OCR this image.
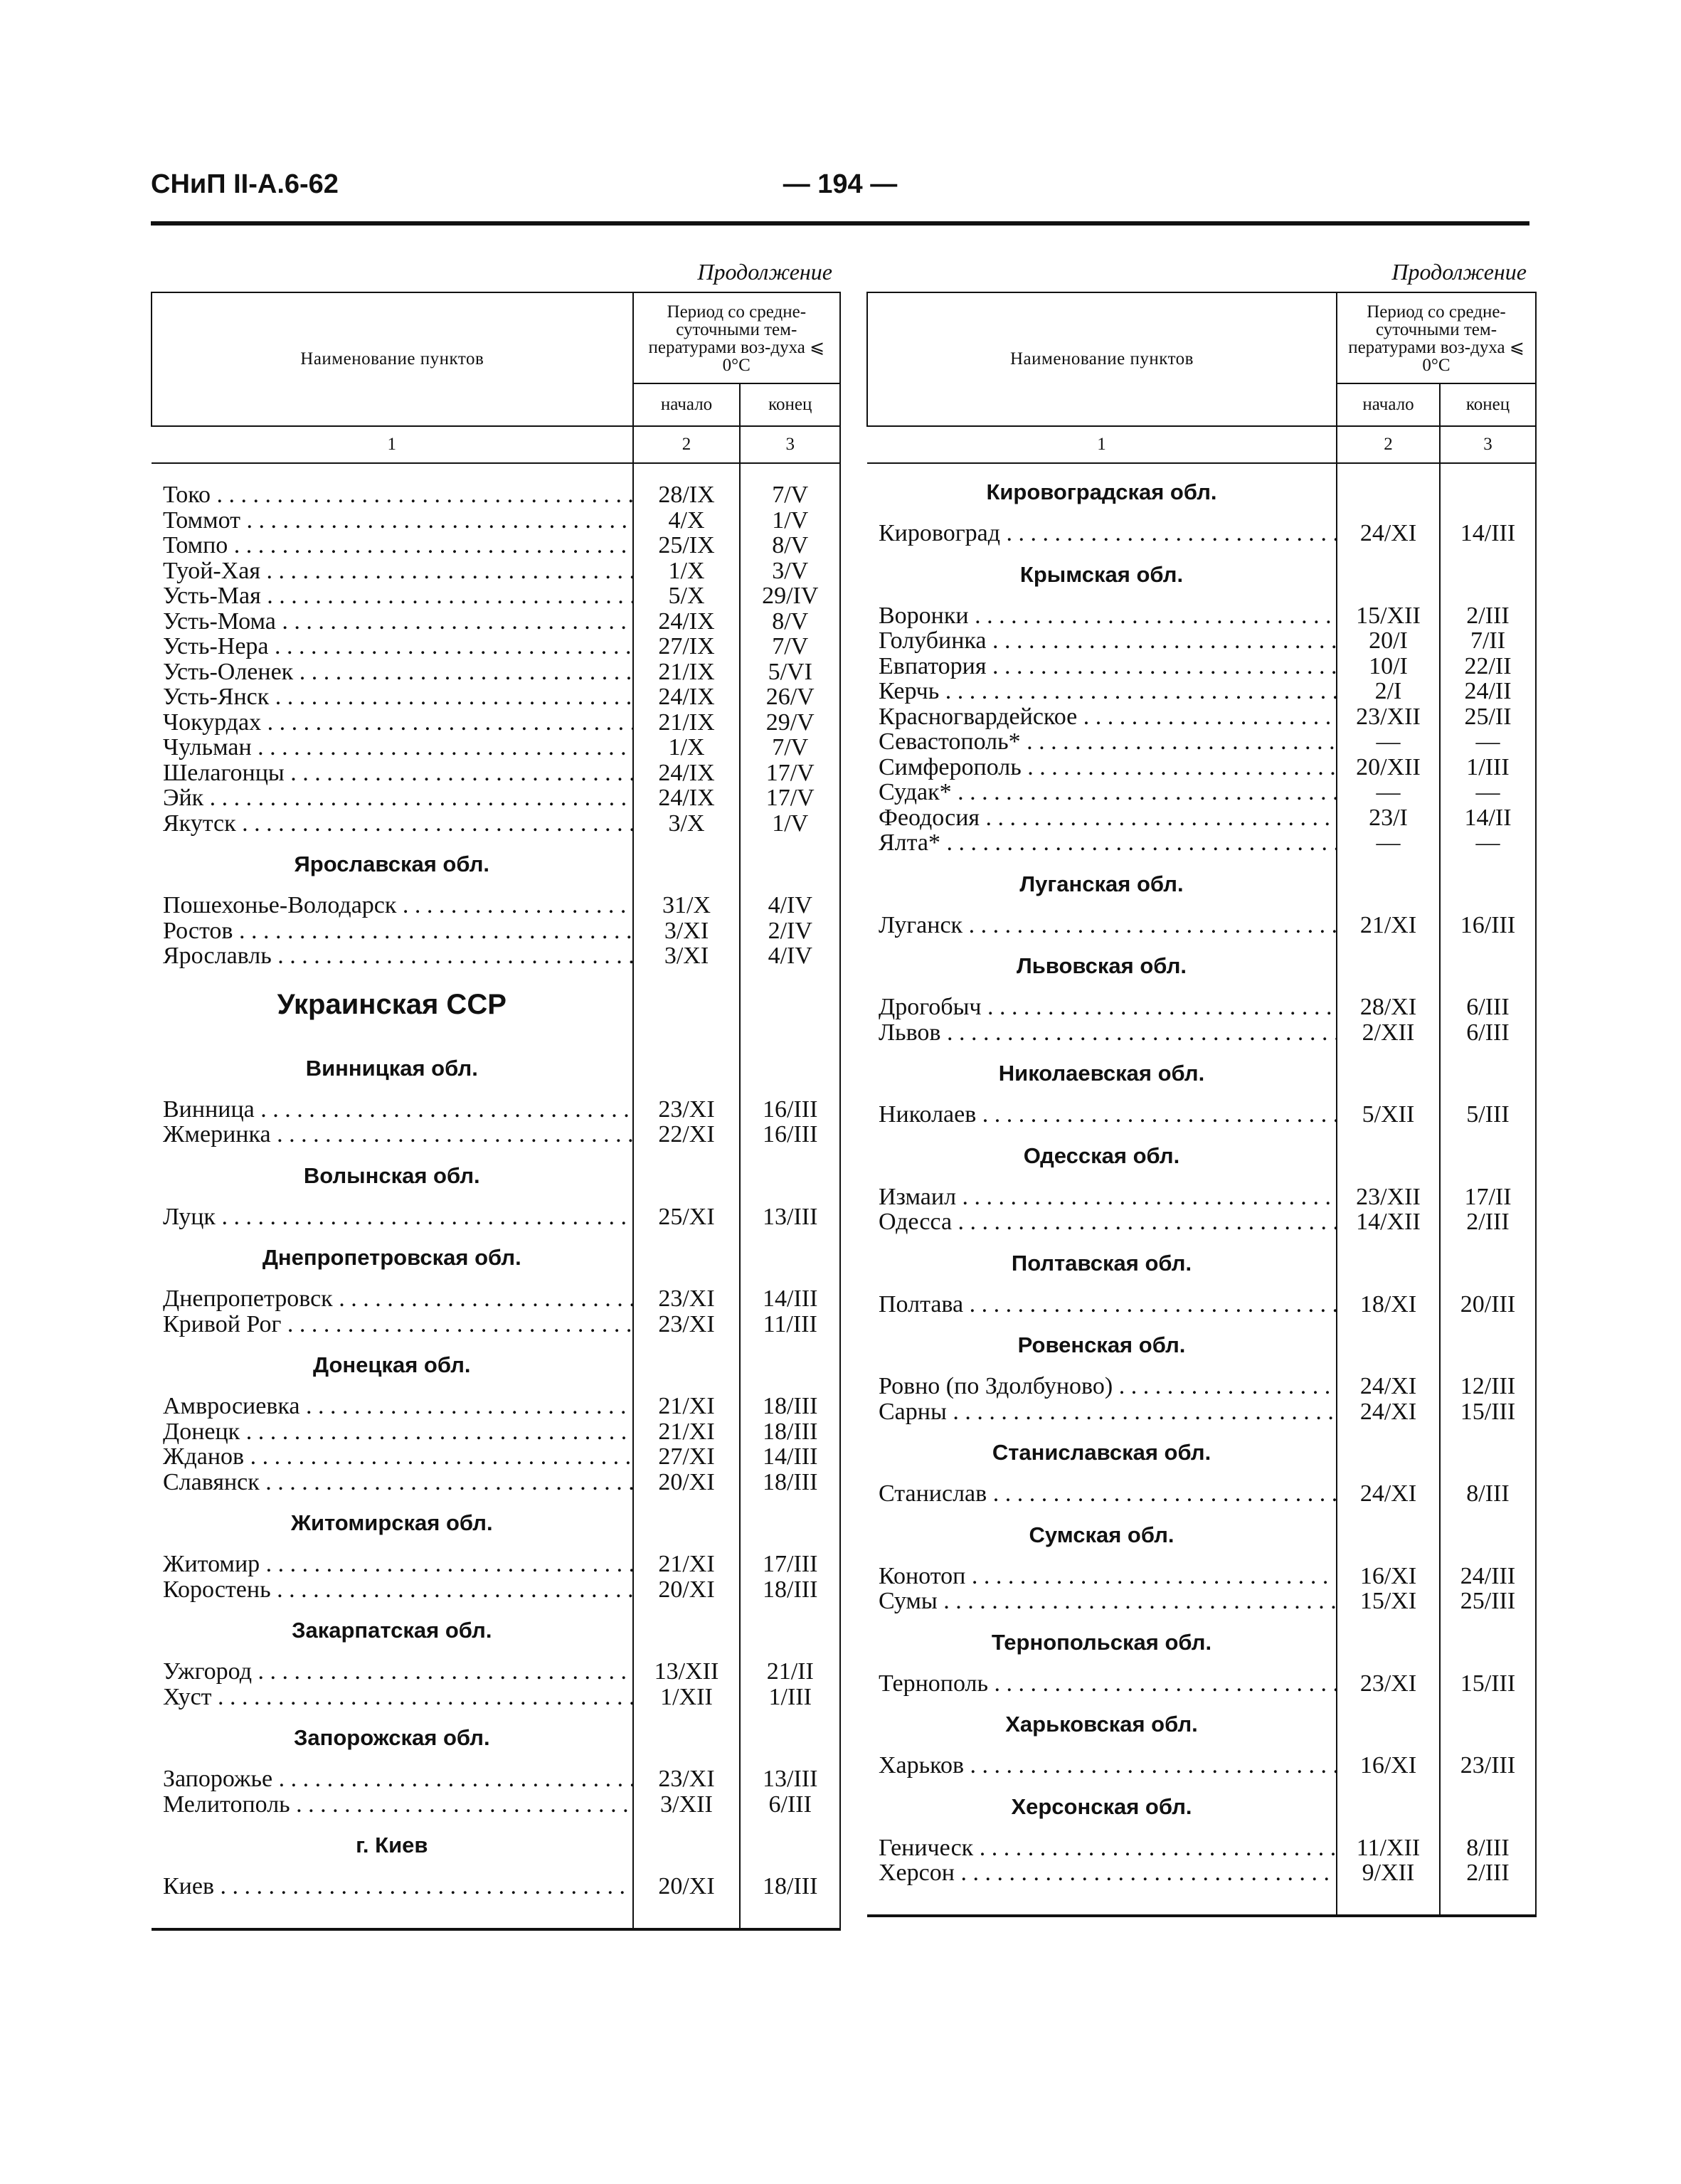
СНиП II-А.6-62	— 194 —
Продолжение
Наименование пунктов	Период со средне-суточными тем-пературами воз-духа ⩽ 0°С	
	начало	конец
1	2	3

Токо . . .	28/IX	7/V
Томмот . . .	4/X	1/V
Томпо . . .	25/IX	8/V
Туой-Хая . . .	1/X	3/V
Усть-Мая . . .	5/X	29/IV
Усть-Мома . . .	24/IX	8/V
Усть-Нера . . .	27/IX	7/V
Усть-Оленек . . .	21/IX	5/VI
Усть-Янск . . .	24/IX	26/V
Чокурдах . . .	21/IX	29/V
Чульман . . .	1/X	7/V
Шелагонцы . . .	24/IX	17/V
Эйк . . .	24/IX	17/V
Якутск . . .	3/X	1/V
Ярославская обл.		
Пошехонье-Володарск . . .	31/X	4/IV
Ростов . . .	3/XI	2/IV
Ярославль . . .	3/XI	4/IV
Украинская ССР		
Винницкая обл.		
Винница . . .	23/XI	16/III
Жмеринка . . .	22/XI	16/III
Волынская обл.		
Луцк . . .	25/XI	13/III
Днепропетровская обл.		
Днепропетровск . . .	23/XI	14/III
Кривой Рог . . .	23/XI	11/III
Донецкая обл.		
Амвросиевка . . .	21/XI	18/III
Донецк . . .	21/XI	18/III
Жданов . . .	27/XI	14/III
Славянск . . .	20/XI	18/III
Житомирская обл.		
Житомир . . .	21/XI	17/III
Коростень . . .	20/XI	18/III
Закарпатская обл.		
Ужгород . . .	13/XII	21/II
Хуст . . .	1/XII	1/III
Запорожская обл.		
Запорожье . . .	23/XI	13/III
Мелитополь . . .	3/XII	6/III
г. Киев		
Киев . . .	20/XI	18/III

Продолжение
Наименование пунктов	Период со средне-суточными тем-пературами воз-духа ⩽ 0°С	
	начало	конец
1	2	3
Кировоградская обл.		
Кировоград . . .	24/XI	14/III
Крымская обл.		
Воронки . . .	15/XII	2/III
Голубинка . . .	20/I	7/II
Евпатория . . .	10/I	22/II
Керчь . . .	2/I	24/II
Красногвардейское . . .	23/XII	25/II
Севастополь* . . .	—	—
Симферополь . . .	20/XII	1/III
Судак* . . .	—	—
Феодосия . . .	23/I	14/II
Ялта* . . .	—	—
Луганская обл.		
Луганск . . .	21/XI	16/III
Львовская обл.		
Дрогобыч . . .	28/XI	6/III
Львов . . .	2/XII	6/III
Николаевская обл.		
Николаев . . .	5/XII	5/III
Одесская обл.		
Измаил . . .	23/XII	17/II
Одесса . . .	14/XII	2/III
Полтавская обл.		
Полтава . . .	18/XI	20/III
Ровенская обл.		
Ровно (по Здолбуново) . . .	24/XI	12/III
Сарны . . .	24/XI	15/III
Станиславская обл.		
Станислав . . .	24/XI	8/III
Сумская обл.		
Конотоп . . .	16/XI	24/III
Сумы . . .	15/XI	25/III
Тернопольская обл.		
Тернополь . . .	23/XI	15/III
Харьковская обл.		
Харьков . . .	16/XI	23/III
Херсонская обл.		
Геническ . . .	11/XII	8/III
Херсон . . .	9/XII	2/III
